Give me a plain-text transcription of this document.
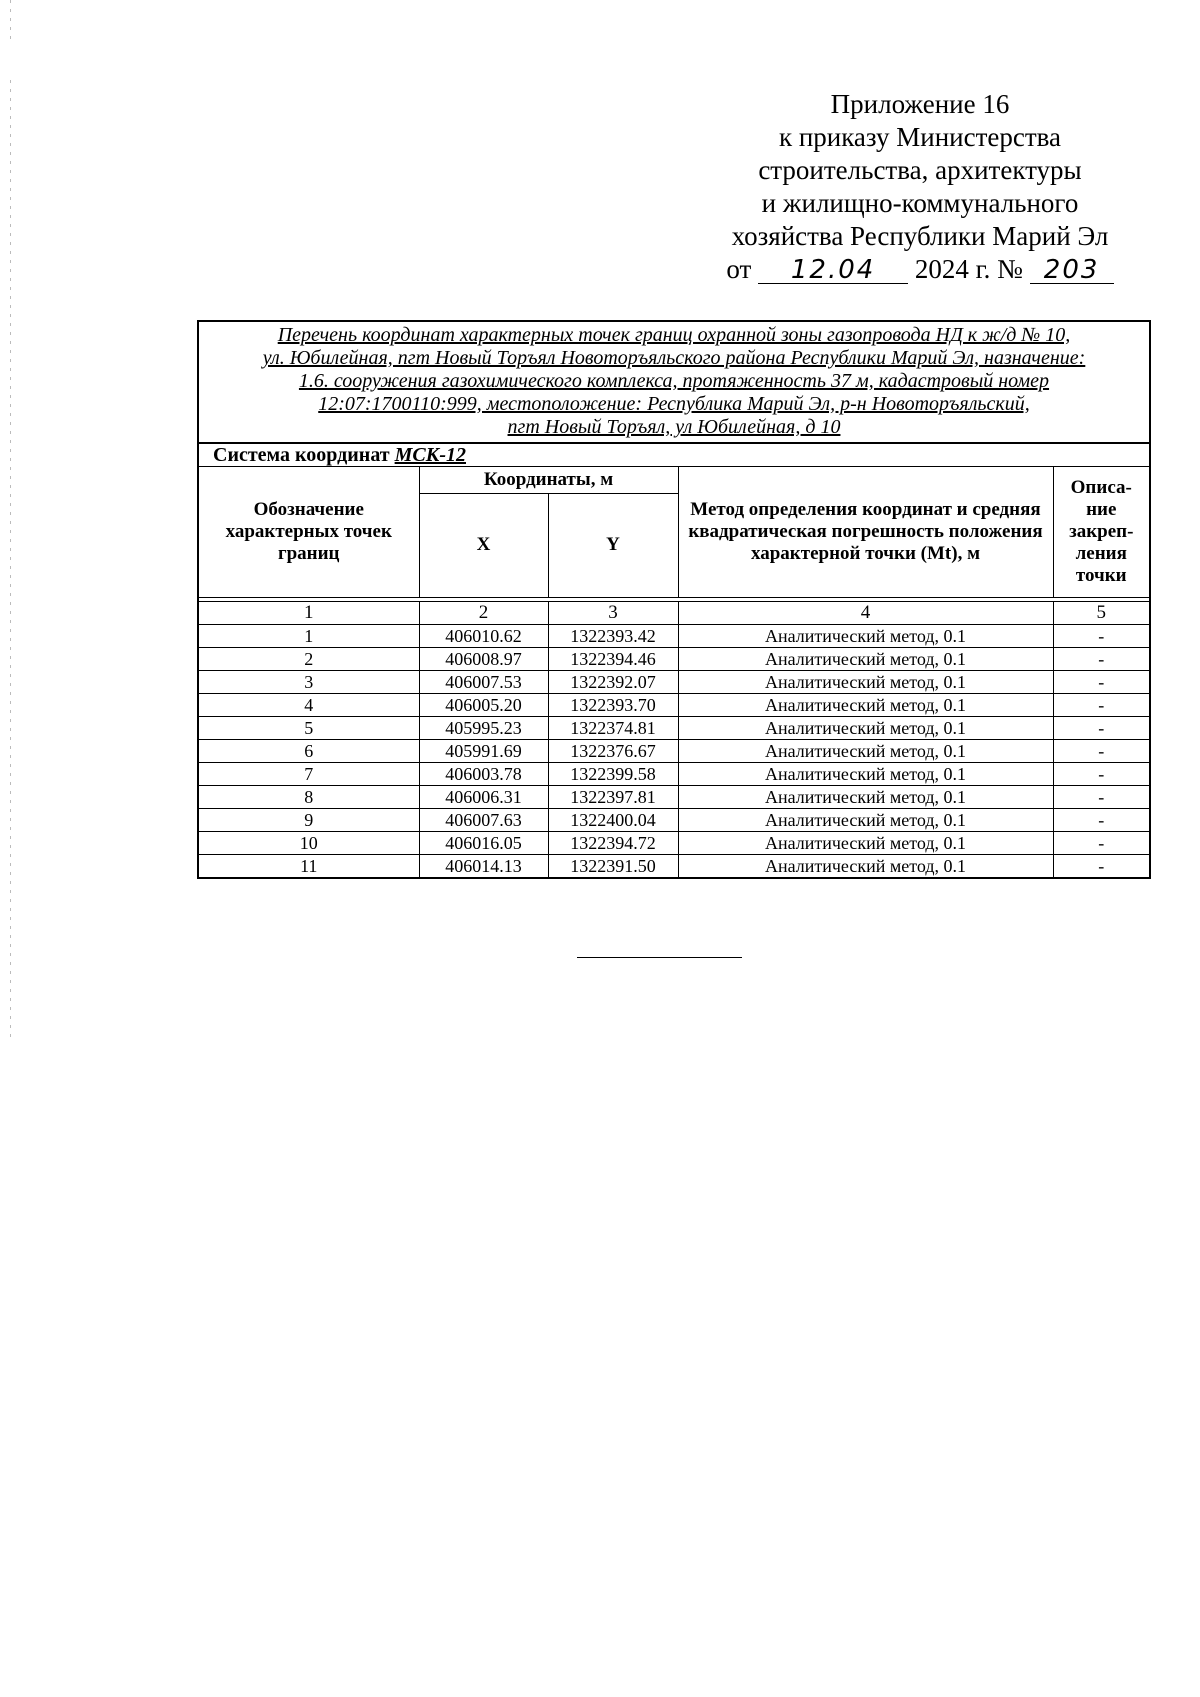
Приложение 16
к приказу Министерства
строительства, архитектуры
и жилищно-коммунального
хозяйства Республики Марий Эл
от 12.04 2024 г. № 203
Перечень координат характерных точек границ охранной зоны газопровода НД к ж/д № 10,
ул. Юбилейная, пгт Новый Торъял Новоторъяльского района Республики Марий Эл, назначение:
1.6. сооружения газохимического комплекса, протяженность 37 м, кадастровый номер
12:07:1700110:999, местоположение: Республика Марий Эл, р-н Новоторъяльский,
пгт Новый Торъял, ул Юбилейная, д 10
Система координат МСК-12
Обозначение характерных точек границ	Координаты, м		Метод определения координат и средняя квадратическая погрешность положения характерной точки (Mt), м	Описа- ние закреп- ления точки
	X	Y		
1	2	3	4	5
1	406010.62	1322393.42	Аналитический метод, 0.1	-
2	406008.97	1322394.46	Аналитический метод, 0.1	-
3	406007.53	1322392.07	Аналитический метод, 0.1	-
4	406005.20	1322393.70	Аналитический метод, 0.1	-
5	405995.23	1322374.81	Аналитический метод, 0.1	-
6	405991.69	1322376.67	Аналитический метод, 0.1	-
7	406003.78	1322399.58	Аналитический метод, 0.1	-
8	406006.31	1322397.81	Аналитический метод, 0.1	-
9	406007.63	1322400.04	Аналитический метод, 0.1	-
10	406016.05	1322394.72	Аналитический метод, 0.1	-
11	406014.13	1322391.50	Аналитический метод, 0.1	-
